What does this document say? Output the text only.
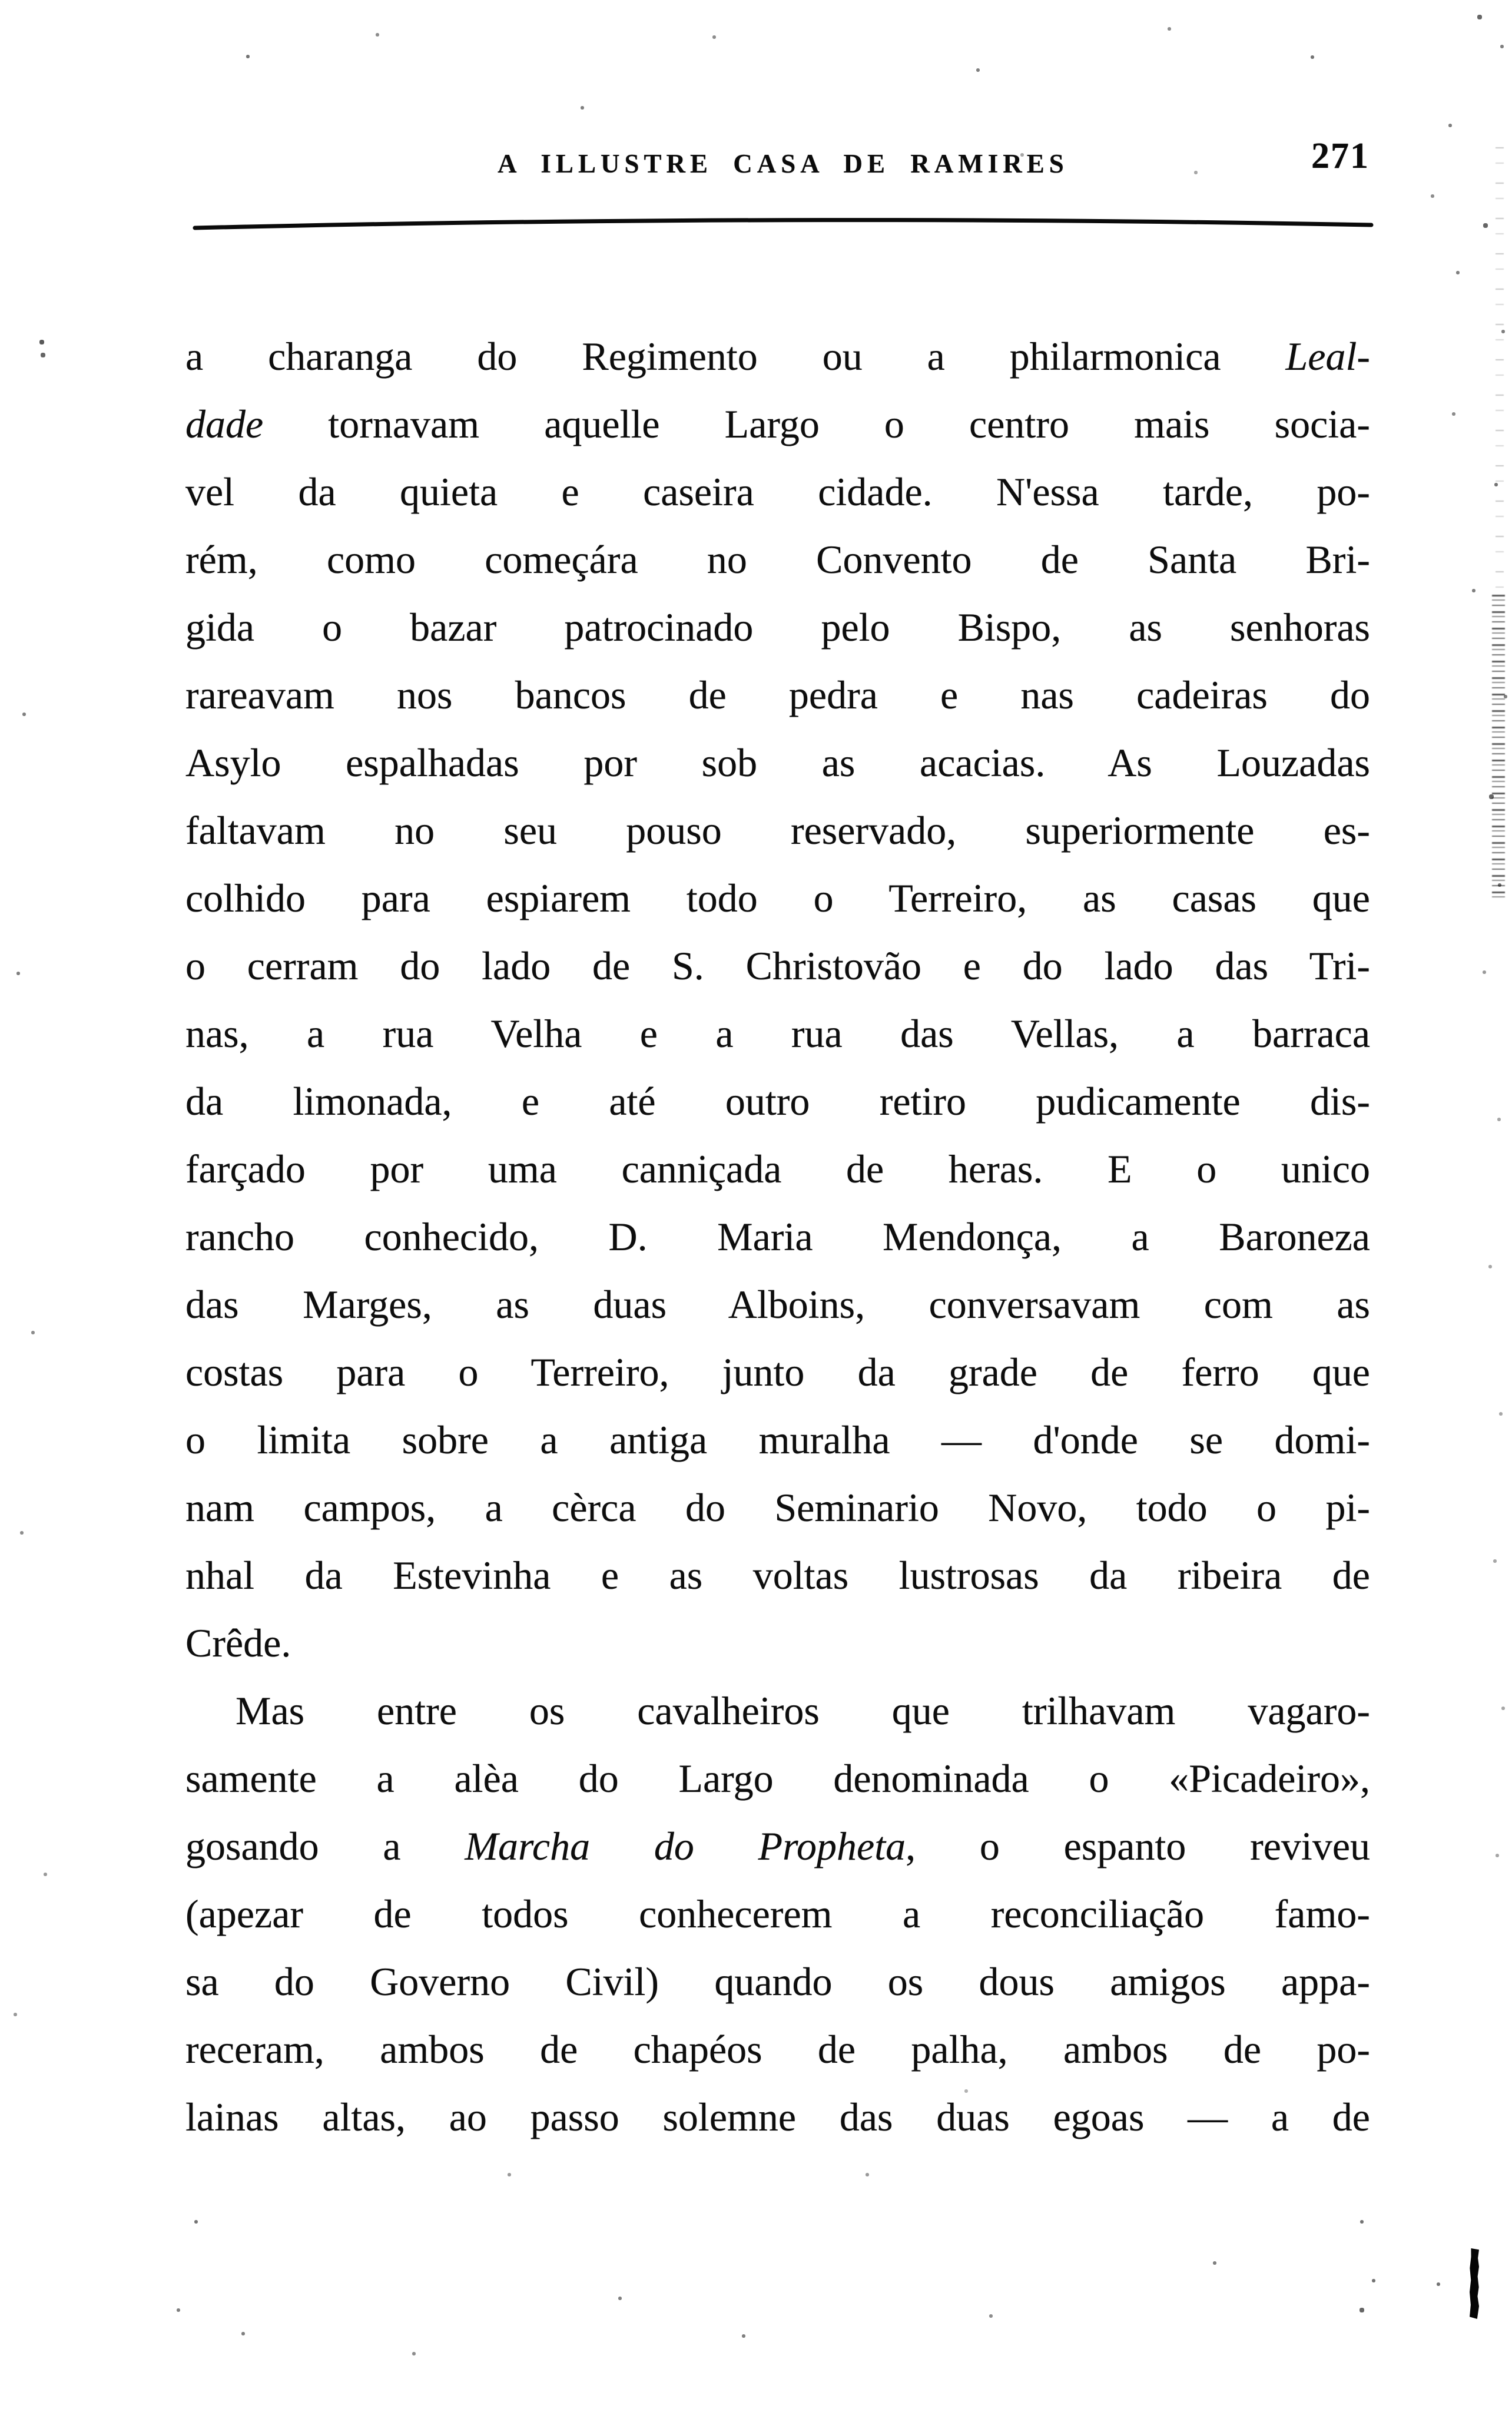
A ILLUSTRE CASA DE RAMIRES	271
a charanga do Regimento ou a philarmonica Leal-
dade tornavam aquelle Largo o centro mais socia-
vel da quieta e caseira cidade. N'essa tarde, po-
rém, como começára no Convento de Santa Bri-
gida o bazar patrocinado pelo Bispo, as senhoras
rareavam nos bancos de pedra e nas cadeiras do
Asylo espalhadas por sob as acacias. As Louzadas
faltavam no seu pouso reservado, superiormente es-
colhido para espiarem todo o Terreiro, as casas que
o cerram do lado de S. Christovão e do lado das Tri-
nas, a rua Velha e a rua das Vellas, a barraca
da limonada, e até outro retiro pudicamente dis-
farçado por uma canniçada de heras. E o unico
rancho conhecido, D. Maria Mendonça, a Baroneza
das Marges, as duas Alboins, conversavam com as
costas para o Terreiro, junto da grade de ferro que
o limita sobre a antiga muralha — d'onde se domi-
nam campos, a cèrca do Seminario Novo, todo o pi-
nhal da Estevinha e as voltas lustrosas da ribeira de
Crêde.
Mas entre os cavalheiros que trilhavam vagaro-
samente a alèa do Largo denominada o «Picadeiro»,
gosando a Marcha do Propheta, o espanto reviveu
(apezar de todos conhecerem a reconciliação famo-
sa do Governo Civil) quando os dous amigos appa-
receram, ambos de chapéos de palha, ambos de po-
lainas altas, ao passo solemne das duas egoas — a de
